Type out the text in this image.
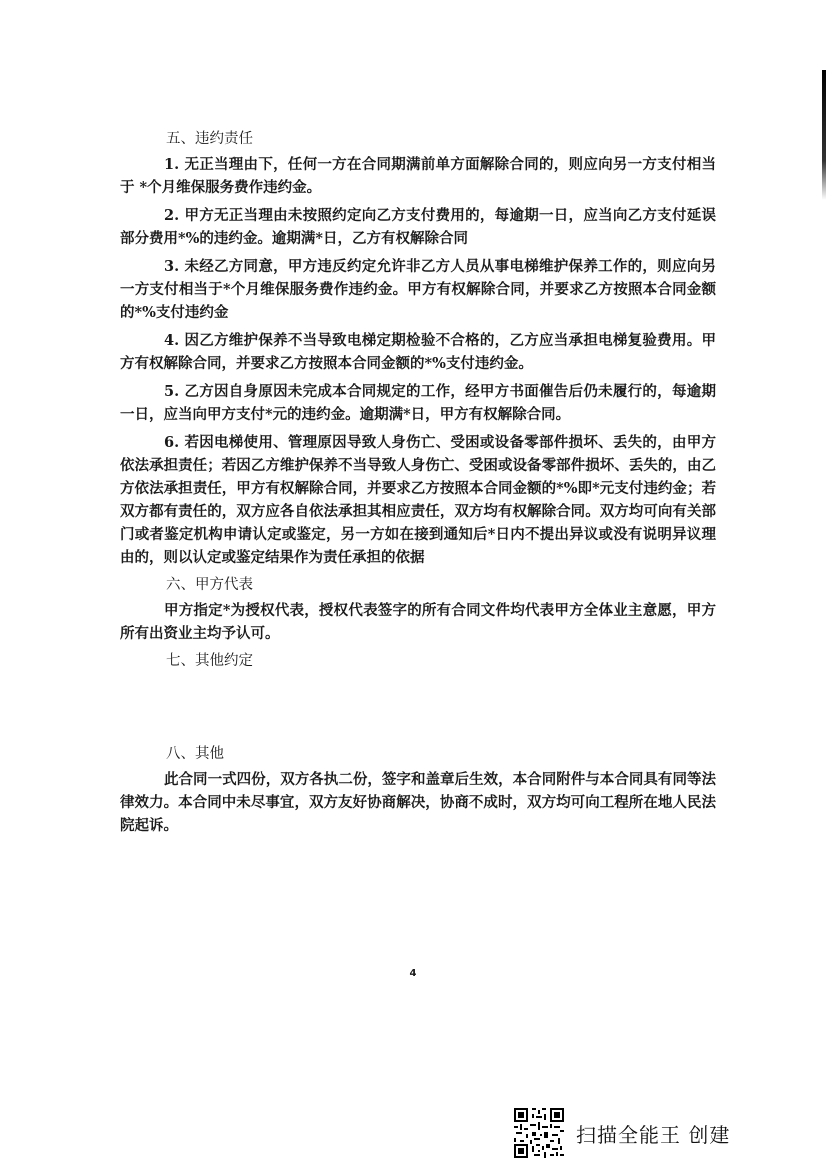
五、违约责任

1. 无正当理由下，任何一方在合同期满前单方面解除合同的，则应向另一方支付相当于 *个月维保服务费作违约金。

2. 甲方无正当理由未按照约定向乙方支付费用的，每逾期一日，应当向乙方支付延误部分费用*%的违约金。逾期满*日，乙方有权解除合同

3. 未经乙方同意，甲方违反约定允许非乙方人员从事电梯维护保养工作的，则应向另一方支付相当于*个月维保服务费作违约金。甲方有权解除合同，并要求乙方按照本合同金额的*%支付违约金

4. 因乙方维护保养不当导致电梯定期检验不合格的，乙方应当承担电梯复验费用。甲方有权解除合同，并要求乙方按照本合同金额的*%支付违约金。

5. 乙方因自身原因未完成本合同规定的工作，经甲方书面催告后仍未履行的，每逾期一日，应当向甲方支付*元的违约金。逾期满*日，甲方有权解除合同。

6. 若因电梯使用、管理原因导致人身伤亡、受困或设备零部件损坏、丢失的，由甲方依法承担责任；若因乙方维护保养不当导致人身伤亡、受困或设备零部件损坏、丢失的，由乙方依法承担责任，甲方有权解除合同，并要求乙方按照本合同金额的*%即*元支付违约金；若双方都有责任的，双方应各自依法承担其相应责任，双方均有权解除合同。双方均可向有关部门或者鉴定机构申请认定或鉴定，另一方如在接到通知后*日内不提出异议或没有说明异议理由的，则以认定或鉴定结果作为责任承担的依据

六、甲方代表

甲方指定*为授权代表，授权代表签字的所有合同文件均代表甲方全体业主意愿，甲方所有出资业主均予认可。

七、其他约定
八、其他

此合同一式四份，双方各执二份，签字和盖章后生效，本合同附件与本合同具有同等法律效力。本合同中未尽事宜，双方友好协商解决，协商不成时，双方均可向工程所在地人民法院起诉。

4
扫描全能王 创建
